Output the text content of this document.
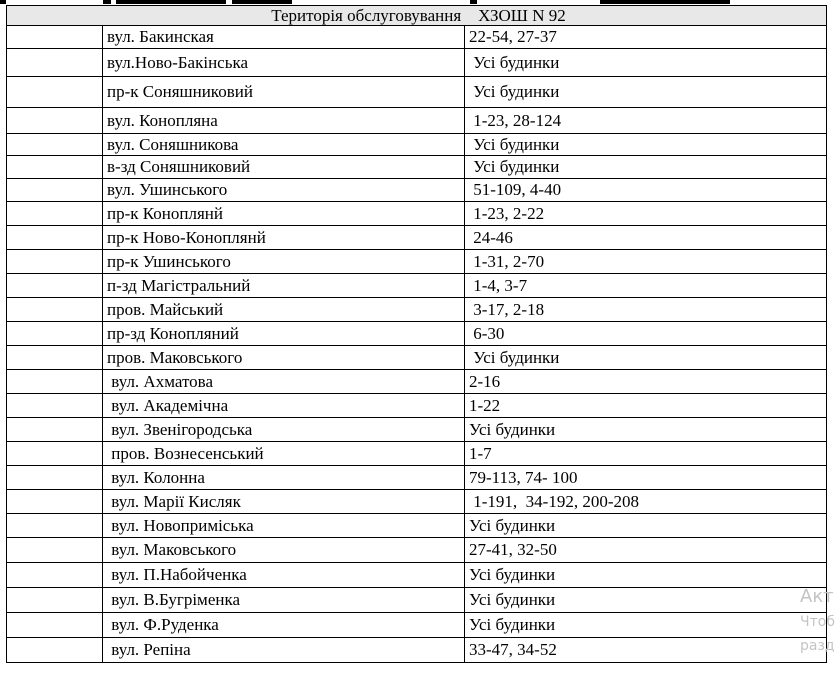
Територія обслуговування    ХЗОШ N 92		
	вул. Бакинская	22-54, 27-37
	вул.Ново-Бакінська	Усі будинки
	пр-к Соняшниковий	Усі будинки
	вул. Конопляна	1-23, 28-124
	вул. Соняшникова	Усі будинки
	в-зд Соняшниковий	Усі будинки
	вул. Ушинського	51-109, 4-40
	пр-к Коноплянй	1-23, 2-22
	пр-к Ново-Коноплянй	24-46
	пр-к Ушинського	1-31, 2-70
	п-зд Магістральний	1-4, 3-7
	пров. Майський	3-17, 2-18
	пр-зд Конопляний	6-30
	пров. Маковського	Усі будинки
	вул. Ахматова	2-16
	вул. Академічна	1-22
	вул. Звенігородська	Усі будинки
	пров. Вознесенський	1-7
	вул. Колонна	79-113, 74- 100
	вул. Марії Кисляк	1-191,  34-192, 200-208
	вул. Новопримiська	Усі будинки
	вул. Маковського	27-41, 32-50
	вул. П.Набойченка	Усі будинки
	вул. В.Бугріменка	Усі будинки
	вул. Ф.Руденка	Усі будинки
	вул. Репіна	33-47, 34-52
Акт
Чтоб
разд
